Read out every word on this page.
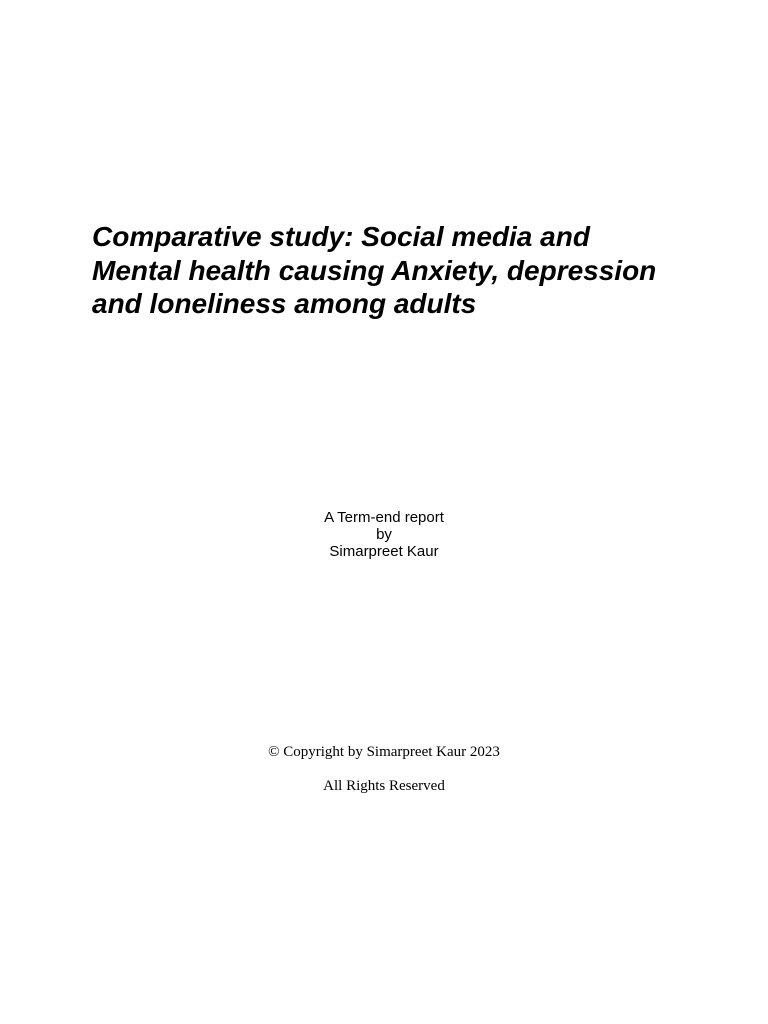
Comparative study: Social media and Mental health causing Anxiety, depression and loneliness among adults
A Term-end report
by
Simarpreet Kaur
© Copyright by Simarpreet Kaur 2023
All Rights Reserved
